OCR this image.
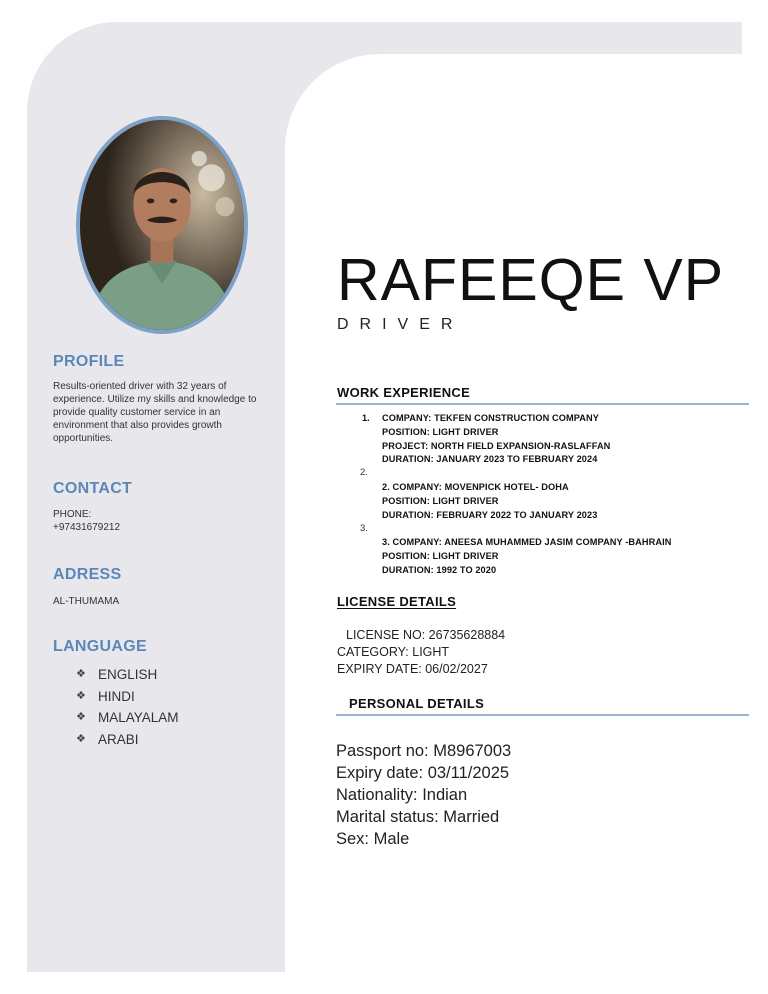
PROFILE
Results-oriented driver with 32 years of experience. Utilize my skills and knowledge to provide quality customer service in an environment that also provides growth opportunities.
CONTACT
PHONE:
+97431679212
ADRESS
AL-THUMAMA
LANGUAGE
❖ ENGLISH
❖ HINDI
❖ MALAYALAM
❖ ARABI
RAFEEQE VP
DRIVER
WORK EXPERIENCE
1. COMPANY: TEKFEN CONSTRUCTION COMPANY
POSITION: LIGHT DRIVER
PROJECT: NORTH FIELD EXPANSION-RASLAFFAN
DURATION: JANUARY 2023 TO FEBRUARY 2024
2.
2. COMPANY: MOVENPICK HOTEL- DOHA
POSITION: LIGHT DRIVER
DURATION: FEBRUARY 2022 TO JANUARY 2023
3.
3. COMPANY: ANEESA MUHAMMED JASIM COMPANY -BAHRAIN
POSITION: LIGHT DRIVER
DURATION: 1992 TO 2020
LICENSE DETAILS
LICENSE NO: 26735628884
CATEGORY: LIGHT
EXPIRY DATE: 06/02/2027
PERSONAL DETAILS
Passport no: M8967003
Expiry date: 03/11/2025
Nationality: Indian
Marital status: Married
Sex: Male
